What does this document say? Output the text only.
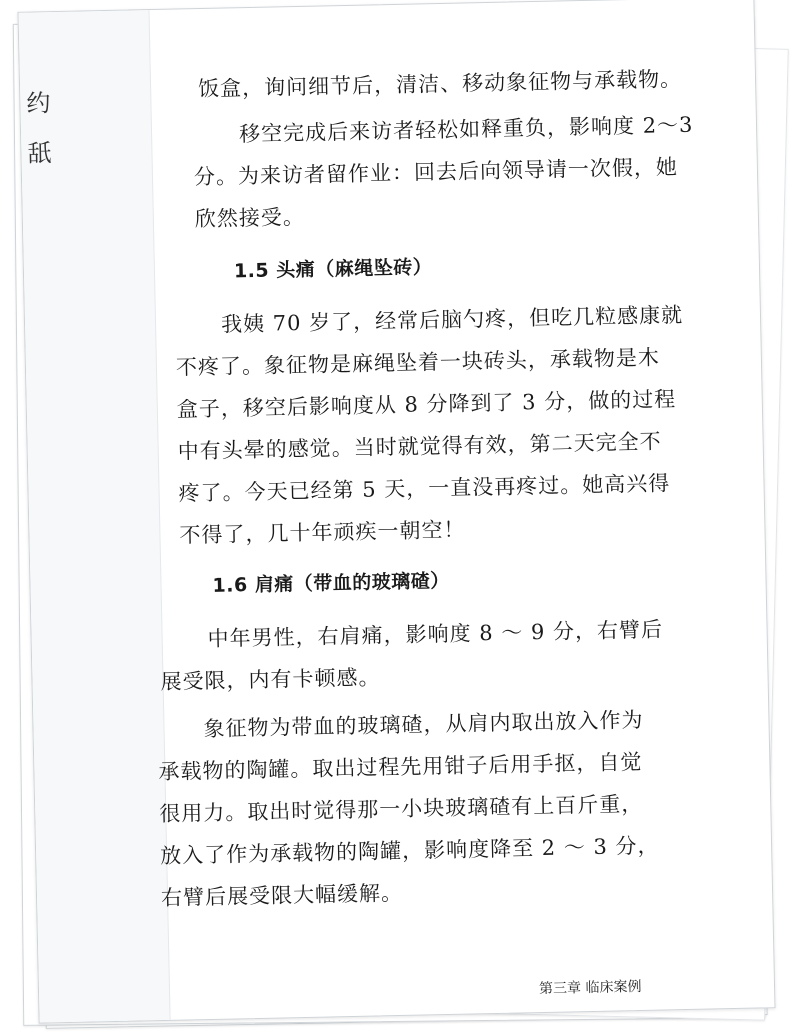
约
舐
饭盒，询问细节后，清洁、移动象征物与承载物。
移空完成后来访者轻松如释重负，影响度 2～3
分。为来访者留作业：回去后向领导请一次假，她
欣然接受。
1.5 头痛（麻绳坠砖）
我姨 70 岁了，经常后脑勺疼，但吃几粒感康就
不疼了。象征物是麻绳坠着一块砖头，承载物是木
盒子，移空后影响度从 8 分降到了 3 分，做的过程
中有头晕的感觉。当时就觉得有效，第二天完全不
疼了。今天已经第 5 天，一直没再疼过。她高兴得
不得了，几十年顽疾一朝空！
1.6 肩痛（带血的玻璃碴）
中年男性，右肩痛，影响度 8 ～ 9 分，右臂后
展受限，内有卡顿感。
象征物为带血的玻璃碴，从肩内取出放入作为
承载物的陶罐。取出过程先用钳子后用手抠，自觉
很用力。取出时觉得那一小块玻璃碴有上百斤重，
放入了作为承载物的陶罐，影响度降至 2 ～ 3 分，
右臂后展受限大幅缓解。
第三章 临床案例
